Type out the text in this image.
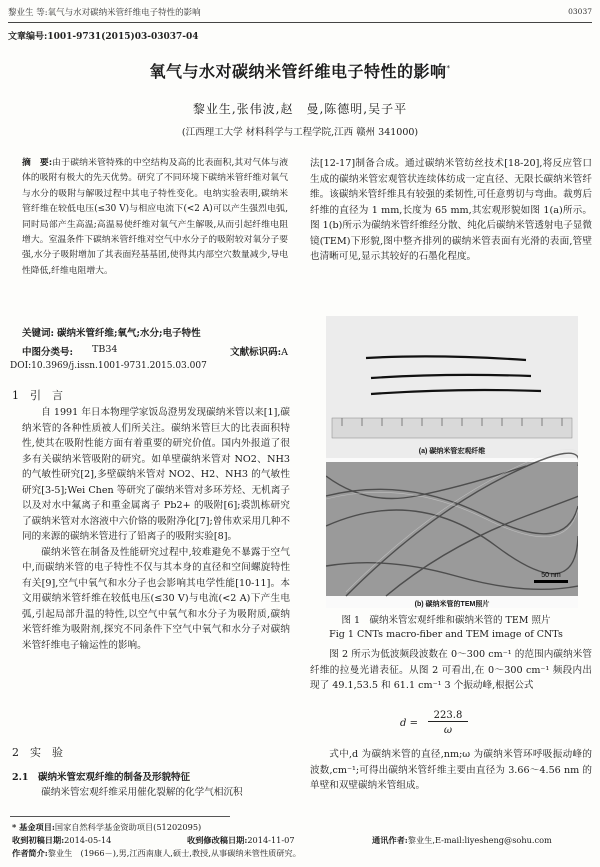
黎业生 等:氧气与水对碳纳米管纤维电子特性的影响	03037
文章编号:1001-9731(2015)03-03037-04
氧气与水对碳纳米管纤维电子特性的影响*
黎业生,张伟波,赵　曼,陈德明,吴子平
(江西理工大学 材料科学与工程学院,江西 赣州 341000)
摘　要:由于碳纳米管特殊的中空结构及高的比表面积,其对气体与液体的吸附有极大的先天优势。研究了不同环境下碳纳米管纤维对氧气与水分的吸附与解吸过程中其电子特性变化。电纳实验表明,碳纳米管纤维在较低电压(≤30 V)与相应电流下(<2 A)可以产生强烈电弧,同时局部产生高温;高温易使纤维对氧气产生解吸,从而引起纤维电阻增大。室温条件下碳纳米管纤维对空气中水分子的吸附较对氧分子要强,水分子吸附增加了其表面羟基基团,使得其内部空穴数量减少,导电性降低,纤维电阻增大。
关键词: 碳纳米管纤维;氧气;水分;电子特性
中图分类号: TB34	文献标识码:A
DOI:10.3969/j.issn.1001-9731.2015.03.007
1　引　言
自 1991 年日本物理学家饭岛澄男发现碳纳米管以来[1],碳纳米管的各种性质被人们所关注。碳纳米管巨大的比表面积特性,使其在吸附性能方面有着重要的研究价值。国内外报道了很多有关碳纳米管吸附的研究。如单壁碳纳米管对 NO2、NH3 的气敏性研究[2],多壁碳纳米管对 NO2、H2、NH3 的气敏性研究[3-5];Wei Chen 等研究了碳纳米管对多环芳烃、无机离子以及对水中氟离子和重金属离子 Pb2+ 的吸附[6];裘凯栋研究了碳纳米管对水溶液中六价铬的吸附净化[7];曾伟欢采用几种不同的来源的碳纳米管进行了铅离子的吸附实验[8]。
碳纳米管在制备及性能研究过程中,较难避免不暴露于空气中,而碳纳米管的电子特性不仅与其本身的直径和空间螺旋特性有关[9],空气中氧气和水分子也会影响其电学性能[10-11]。本文用碳纳米管纤维在较低电压(≤30 V)与电流(<2 A)下产生电弧,引起局部升温的特性,以空气中氧气和水分子为吸附质,碳纳米管纤维为吸附剂,探究不同条件下空气中氧气和水分子对碳纳米管纤维电子输运性的影响。
2　实　验
2.1　碳纳米管宏观纤维的制备及形貌特征
碳纳米管宏观纤维采用催化裂解的化学气相沉积
法[12-17]制备合成。通过碳纳米管纺丝技术[18-20],将反应管口生成的碳纳米管宏观管状连续体纺成一定直径、无限长碳纳米管纤维。该碳纳米管纤维具有较强的柔韧性,可任意剪切与弯曲。裁剪后纤维的直径为 1 mm,长度为 65 mm,其宏观形貌如图 1(a)所示。图 1(b)所示为碳纳米管纤维经分散、纯化后碳纳米管透射电子显微镜(TEM)下形貌,图中整齐排列的碳纳米管表面有光滑的表面,管壁也清晰可见,显示其较好的石墨化程度。
(a) 碳纳米管宏观纤维
50 nm
(b) 碳纳米管的TEM照片
图 1　碳纳米管宏观纤维和碳纳米管的 TEM 照片
Fig 1 CNTs macro-fiber and TEM image of CNTs
图 2 所示为低波频段波数在 0～300 cm⁻¹ 的范围内碳纳米管纤维的拉曼光谱表征。从图 2 可看出,在 0～300 cm⁻¹ 频段内出现了 49.1,53.5 和 61.1 cm⁻¹ 3 个振动峰,根据公式
d =
223.8
ω
式中,d 为碳纳米管的直径,nm;ω 为碳纳米管环呼吸振动峰的波数,cm⁻¹;可得出碳纳米管纤维主要由直径为 3.66～4.56 nm 的单壁和双壁碳纳米管组成。
* 基金项目:国家自然科学基金资助项目(51202095)
收到初稿日期:2014-05-14	收到修改稿日期:2014-11-07	通讯作者:黎业生,E-mail:liyesheng@sohu.com
作者简介:黎业生　(1966－),男,江西南康人,硕士,教授,从事碳纳米管性质研究。
